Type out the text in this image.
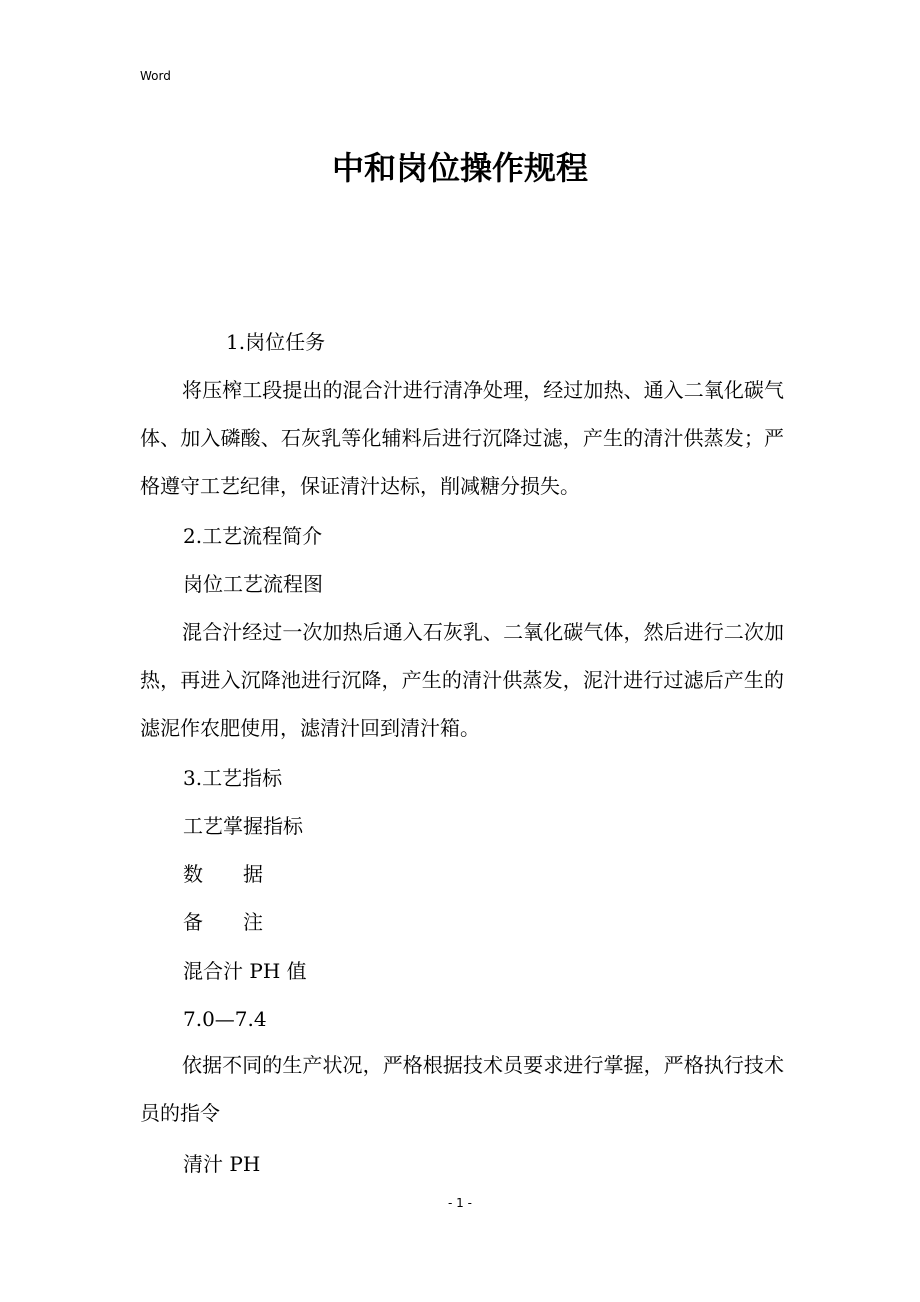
Word
中和岗位操作规程
1.岗位任务
将压榨工段提出的混合汁进行清净处理，经过加热、通入二氧化碳气体、加入磷酸、石灰乳等化辅料后进行沉降过滤，产生的清汁供蒸发；严格遵守工艺纪律，保证清汁达标，削减糖分损失。
2.工艺流程简介
岗位工艺流程图
混合汁经过一次加热后通入石灰乳、二氧化碳气体，然后进行二次加热，再进入沉降池进行沉降，产生的清汁供蒸发，泥汁进行过滤后产生的滤泥作农肥使用，滤清汁回到清汁箱。
3.工艺指标
工艺掌握指标
数　　据
备　　注
混合汁 PH 值
7.0—7.4
依据不同的生产状况，严格根据技术员要求进行掌握，严格执行技术员的指令
清汁 PH
- 1 -
